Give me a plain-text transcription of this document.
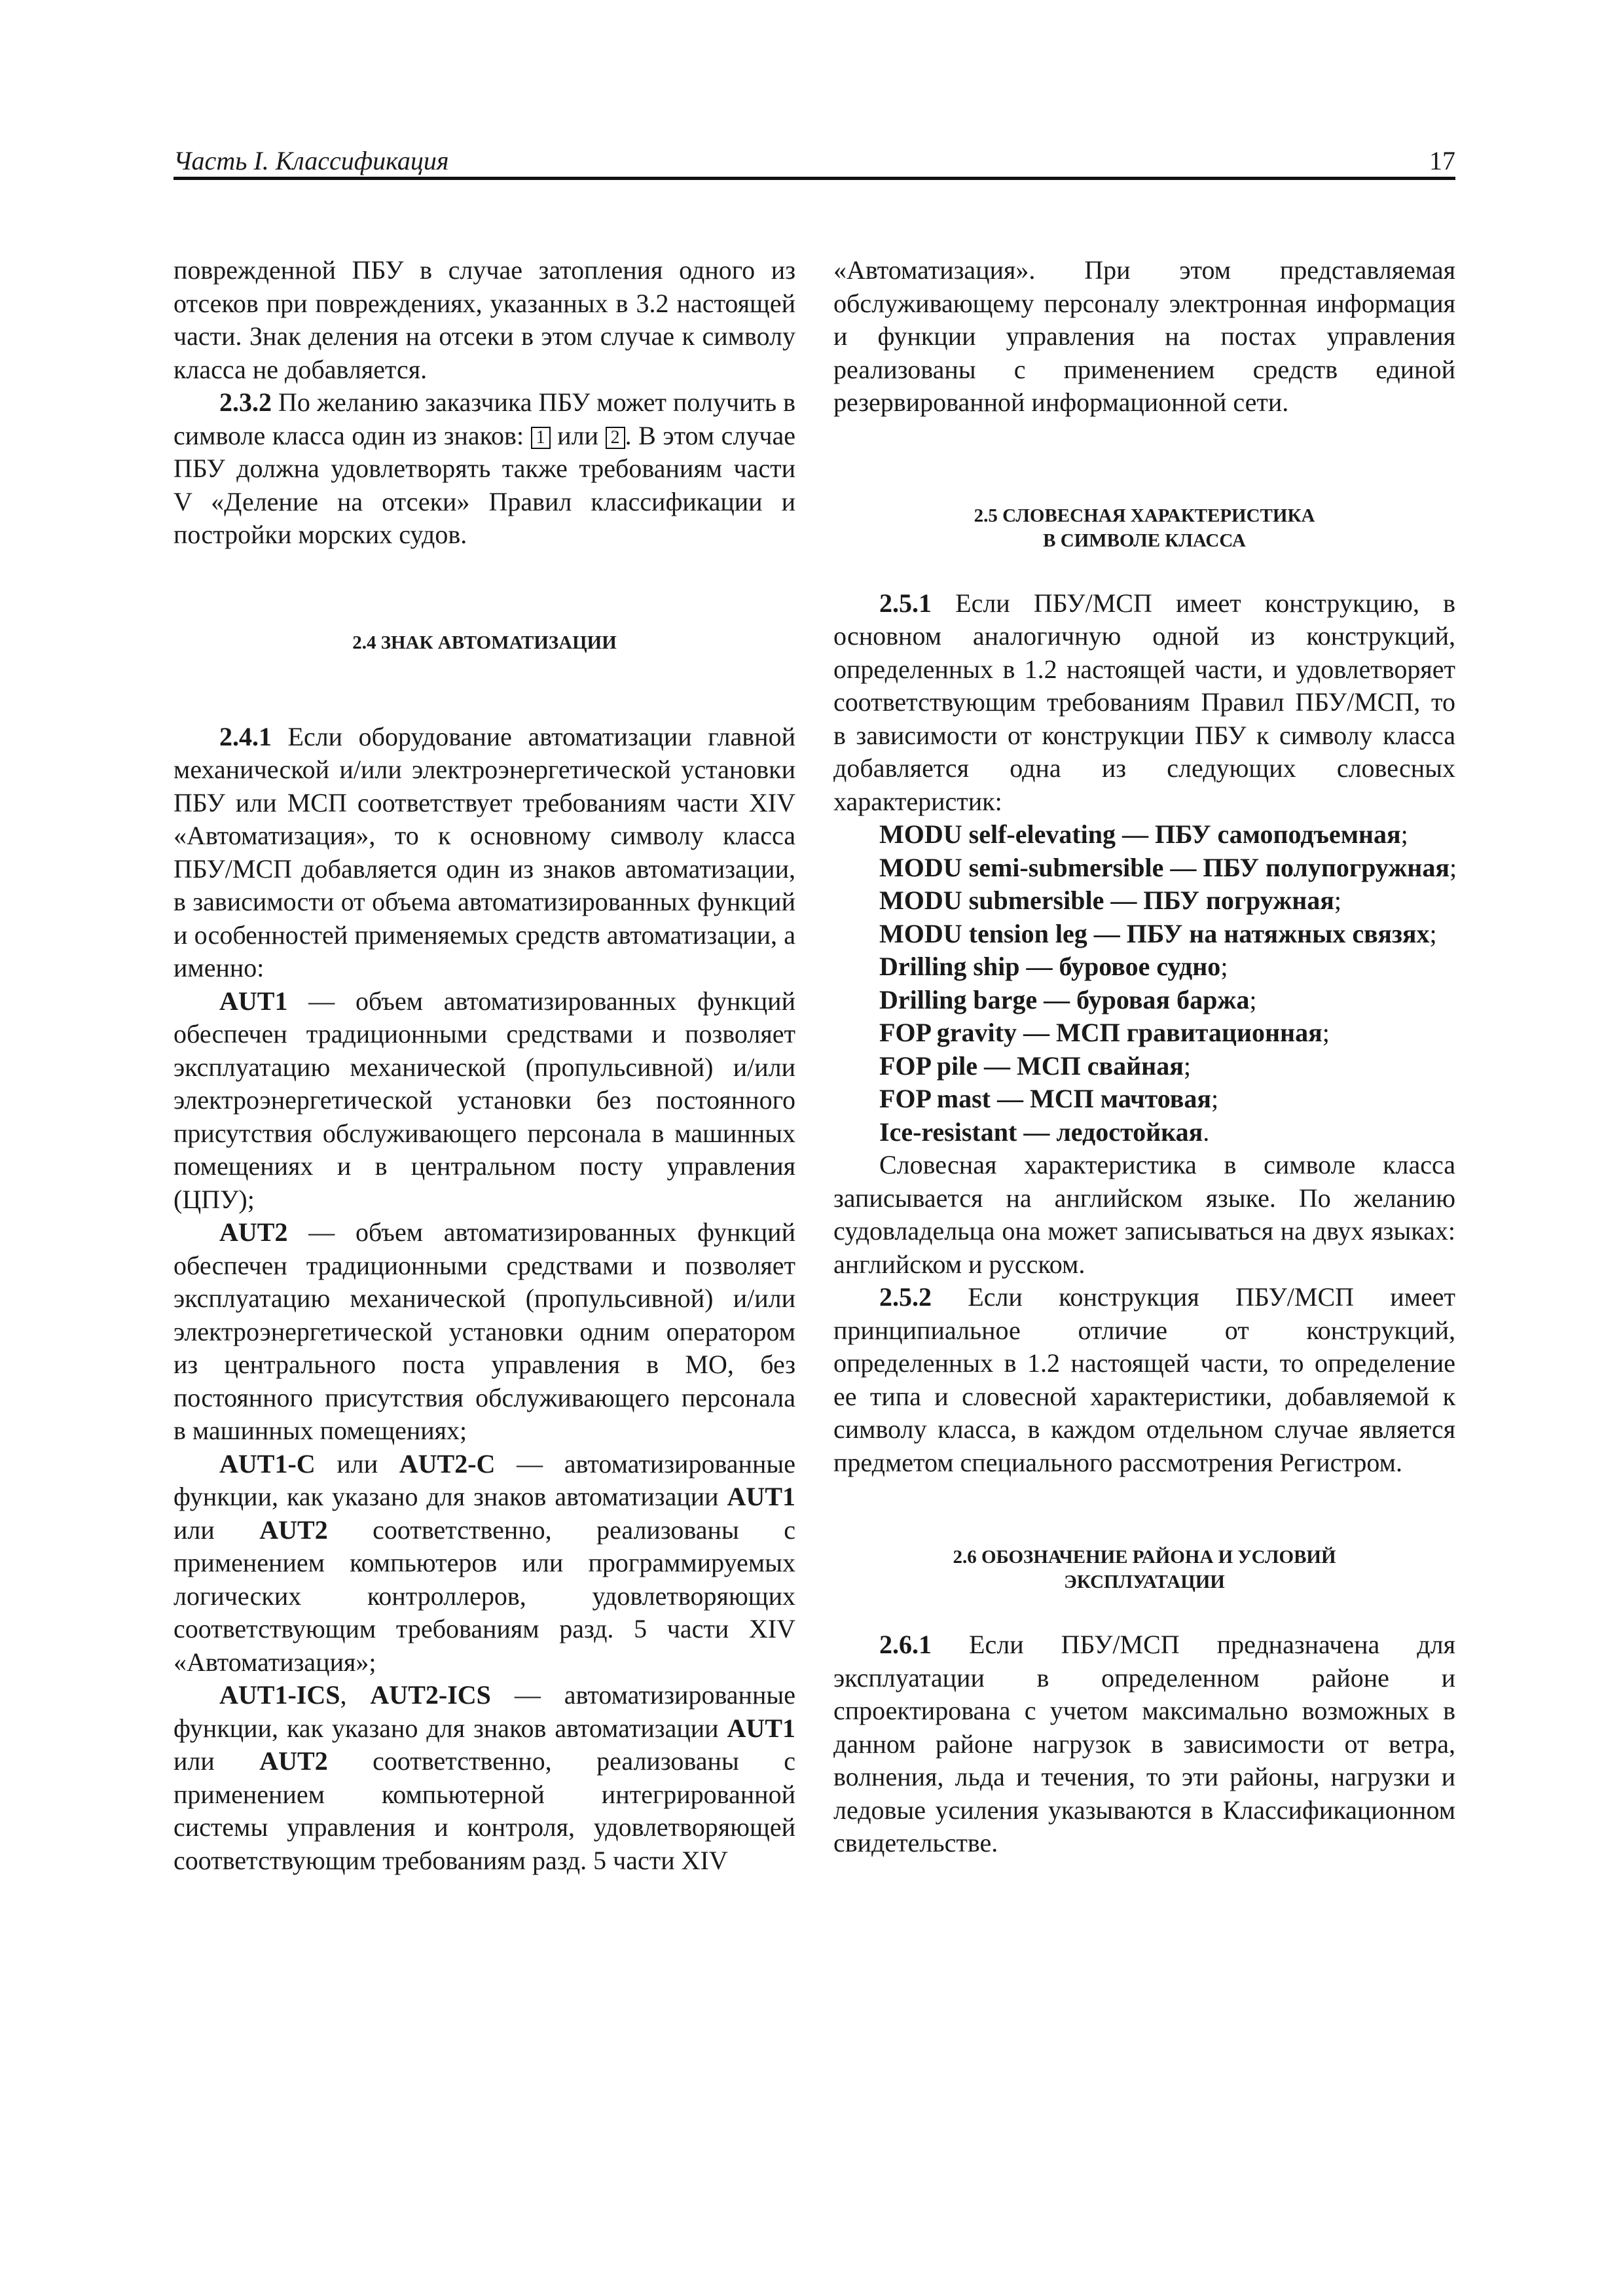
Часть I. Классификация	17

поврежденной ПБУ в случае затопления одного из отсеков при повреждениях, указанных в 3.2 настоящей части. Знак деления на отсеки в этом случае к символу класса не добавляется.

2.3.2 По желанию заказчика ПБУ может получить в символе класса один из знаков: 1 или 2 . В этом случае ПБУ должна удовлетворять также требованиям части V «Деление на отсеки» Правил классификации и постройки морских судов.

2.4 ЗНАК АВТОМАТИЗАЦИИ

2.4.1 Если оборудование автоматизации главной механической и/или электроэнергетической установки ПБУ или МСП соответствует требованиям части XIV «Автоматизация», то к основному символу класса ПБУ/МСП добавляется один из знаков автоматизации, в зависимости от объема автоматизированных функций и особенностей применяемых средств автоматизации, а именно:

AUT1 — объем автоматизированных функций обеспечен традиционными средствами и позволяет эксплуатацию механической (пропульсивной) и/или электроэнергетической установки без постоянного присутствия обслуживающего персонала в машинных помещениях и в центральном посту управления (ЦПУ);

AUT2 — объем автоматизированных функций обеспечен традиционными средствами и позволяет эксплуатацию механической (пропульсивной) и/или электроэнергетической установки одним оператором из центрального поста управления в МО, без постоянного присутствия обслуживающего персонала в машинных помещениях;

AUT1-C или AUT2-C — автоматизированные функции, как указано для знаков автоматизации AUT1 или AUT2 соответственно, реализованы с применением компьютеров или программируемых логических контроллеров, удовлетворяющих соответствующим требованиям разд. 5 части XIV «Автоматизация»;

AUT1-ICS, AUT2-ICS — автоматизированные функции, как указано для знаков автоматизации AUT1 или AUT2 соответственно, реализованы с применением компьютерной интегрированной системы управления и контроля, удовлетворяющей соответствующим требованиям разд. 5 части XIV

«Автоматизация». При этом представляемая обслуживающему персоналу электронная информация и функции управления на постах управления реализованы с применением средств единой резервированной информационной сети.

2.5 СЛОВЕСНАЯ ХАРАКТЕРИСТИКА
В СИМВОЛЕ КЛАССА

2.5.1 Если ПБУ/МСП имеет конструкцию, в основном аналогичную одной из конструкций, определенных в 1.2 настоящей части, и удовлетворяет соответствующим требованиям Правил ПБУ/МСП, то в зависимости от конструкции ПБУ к символу класса добавляется одна из следующих словесных характеристик:

MODU self-elevating — ПБУ самоподъемная;
MODU semi-submersible — ПБУ полупогружная;
MODU submersible — ПБУ погружная;
MODU tension leg — ПБУ на натяжных связях;
Drilling ship — буровое судно;
Drilling barge — буровая баржа;
FOP gravity — МСП гравитационная;
FOP pile — МСП свайная;
FOP mast — МСП мачтовая;
Ice-resistant — ледостойкая.

Словесная характеристика в символе класса записывается на английском языке. По желанию судовладельца она может записываться на двух языках: английском и русском.

2.5.2 Если конструкция ПБУ/МСП имеет принципиальное отличие от конструкций, определенных в 1.2 настоящей части, то определение ее типа и словесной характеристики, добавляемой к символу класса, в каждом отдельном случае является предметом специального рассмотрения Регистром.

2.6 ОБОЗНАЧЕНИЕ РАЙОНА И УСЛОВИЙ
ЭКСПЛУАТАЦИИ

2.6.1 Если ПБУ/МСП предназначена для эксплуатации в определенном районе и спроектирована с учетом максимально возможных в данном районе нагрузок в зависимости от ветра, волнения, льда и течения, то эти районы, нагрузки и ледовые усиления указываются в Классификационном свидетельстве.
